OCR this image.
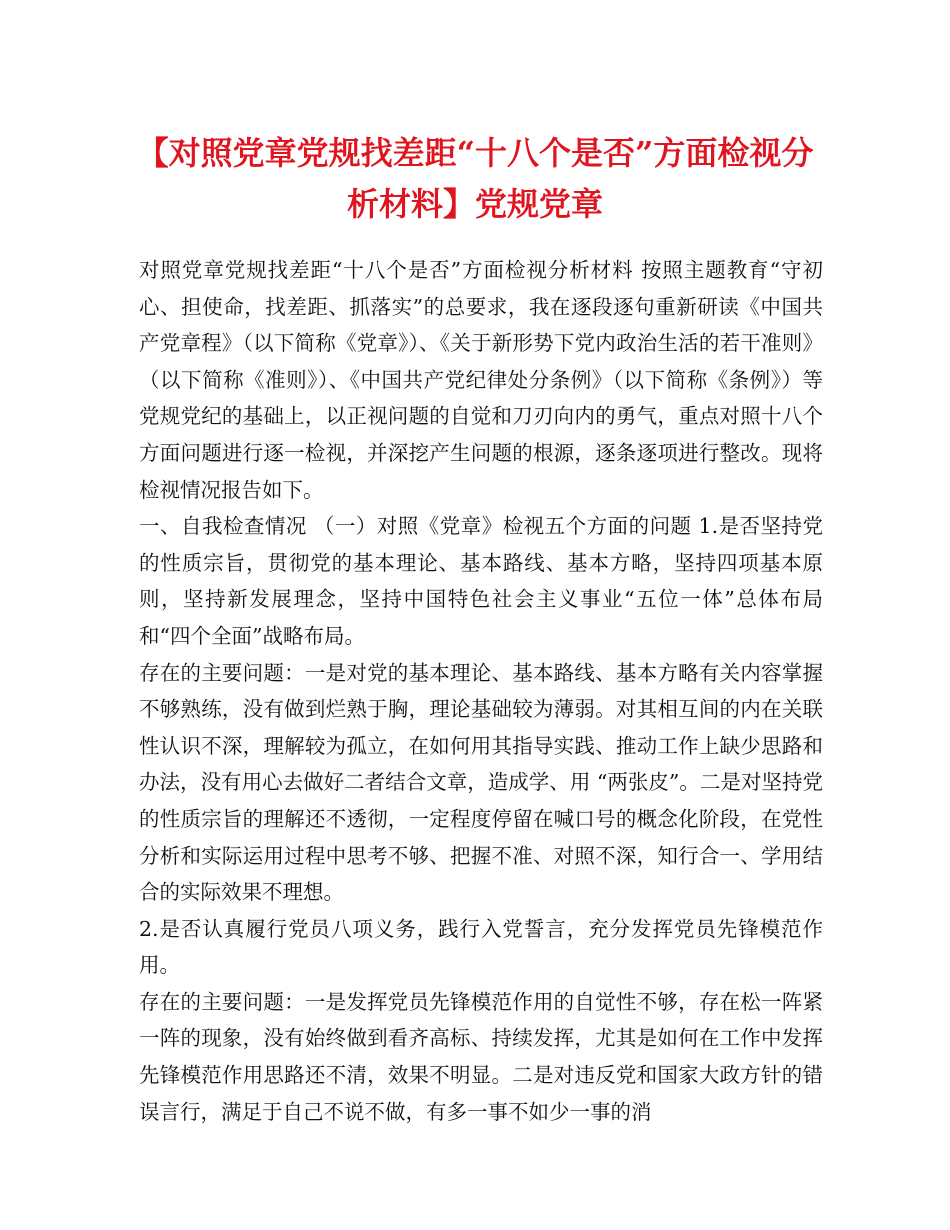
【对照党章党规找差距“十八个是否”方面检视分析材料】党规党章

对照党章党规找差距“十八个是否”方面检视分析材料 按照主题教育“守初心、担使命，找差距、抓落实”的总要求，我在逐段逐句重新研读《中国共产党章程》（以下简称《党章》）、《关于新形势下党内政治生活的若干准则》（以下简称《准则》）、《中国共产党纪律处分条例》（以下简称《条例》）等党规党纪的基础上，以正视问题的自觉和刀刃向内的勇气，重点对照十八个方面问题进行逐一检视，并深挖产生问题的根源，逐条逐项进行整改。现将检视情况报告如下。

一、自我检查情况 （一）对照《党章》检视五个方面的问题 1.是否坚持党的性质宗旨，贯彻党的基本理论、基本路线、基本方略，坚持四项基本原则，坚持新发展理念，坚持中国特色社会主义事业“五位一体”总体布局和“四个全面”战略布局。

存在的主要问题：一是对党的基本理论、基本路线、基本方略有关内容掌握不够熟练，没有做到烂熟于胸，理论基础较为薄弱。对其相互间的内在关联性认识不深，理解较为孤立，在如何用其指导实践、推动工作上缺少思路和办法，没有用心去做好二者结合文章，造成学、用 “两张皮”。二是对坚持党的性质宗旨的理解还不透彻，一定程度停留在喊口号的概念化阶段，在党性分析和实际运用过程中思考不够、把握不准、对照不深，知行合一、学用结合的实际效果不理想。

2.是否认真履行党员八项义务，践行入党誓言，充分发挥党员先锋模范作用。

存在的主要问题：一是发挥党员先锋模范作用的自觉性不够，存在松一阵紧一阵的现象，没有始终做到看齐高标、持续发挥，尤其是如何在工作中发挥先锋模范作用思路还不清，效果不明显。二是对违反党和国家大政方针的错误言行，满足于自己不说不做，有多一事不如少一事的消
